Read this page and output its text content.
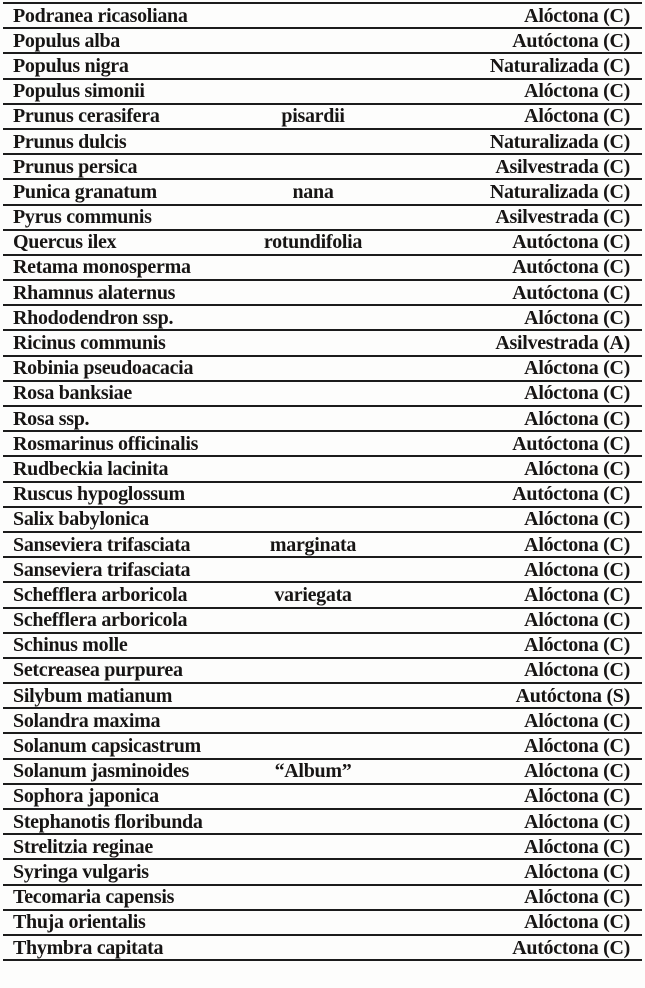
Podranea ricasoliana	Alóctona (C)
Populus alba	Autóctona (C)
Populus nigra	Naturalizada (C)
Populus simonii	Alóctona (C)
Prunus cerasifera	pisardii	Alóctona (C)
Prunus dulcis	Naturalizada (C)
Prunus persica	Asilvestrada (C)
Punica granatum	nana	Naturalizada (C)
Pyrus communis	Asilvestrada (C)
Quercus ilex	rotundifolia	Autóctona (C)
Retama monosperma	Autóctona (C)
Rhamnus alaternus	Autóctona (C)
Rhododendron ssp.	Alóctona (C)
Ricinus communis	Asilvestrada (A)
Robinia pseudoacacia	Alóctona (C)
Rosa banksiae	Alóctona (C)
Rosa ssp.	Alóctona (C)
Rosmarinus officinalis	Autóctona (C)
Rudbeckia lacinita	Alóctona (C)
Ruscus hypoglossum	Autóctona (C)
Salix babylonica	Alóctona (C)
Sanseviera trifasciata	marginata	Alóctona (C)
Sanseviera trifasciata	Alóctona (C)
Schefflera arboricola	variegata	Alóctona (C)
Schefflera arboricola	Alóctona (C)
Schinus molle	Alóctona (C)
Setcreasea purpurea	Alóctona (C)
Silybum matianum	Autóctona (S)
Solandra maxima	Alóctona (C)
Solanum capsicastrum	Alóctona (C)
Solanum jasminoides	“Album”	Alóctona (C)
Sophora japonica	Alóctona (C)
Stephanotis floribunda	Alóctona (C)
Strelitzia reginae	Alóctona (C)
Syringa vulgaris	Alóctona (C)
Tecomaria capensis	Alóctona (C)
Thuja orientalis	Alóctona (C)
Thymbra capitata	Autóctona (C)
